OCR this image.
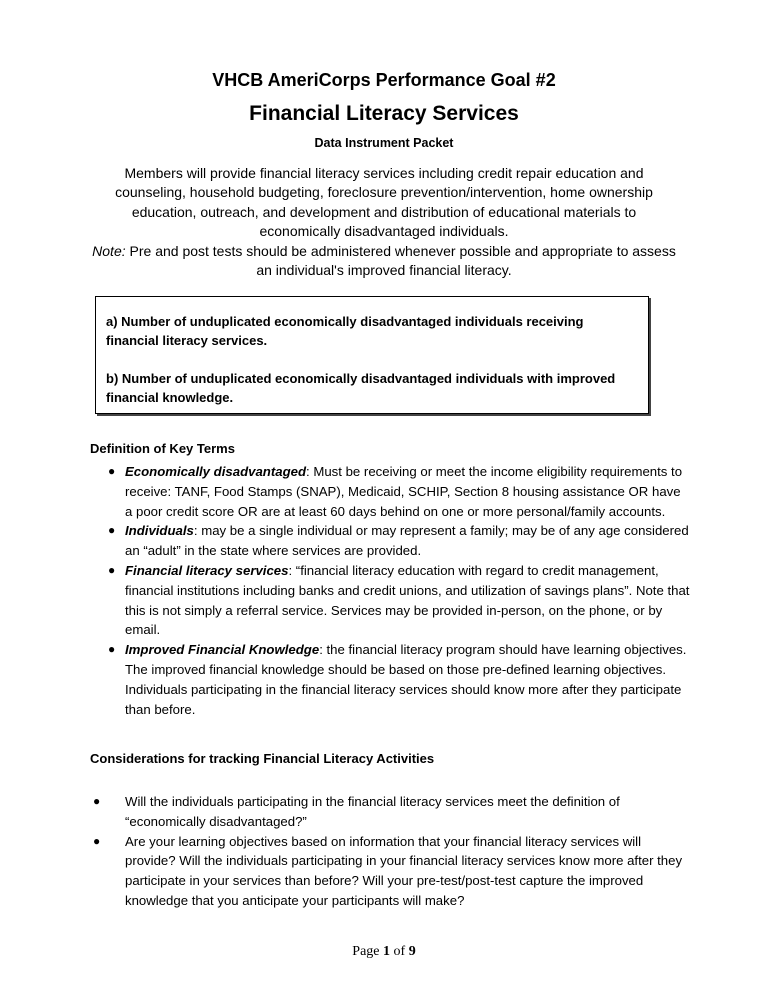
VHCB AmeriCorps Performance Goal #2
Financial Literacy Services
Data Instrument Packet
Members will provide financial literacy services including credit repair education and counseling, household budgeting, foreclosure prevention/intervention, home ownership education, outreach, and development and distribution of educational materials to economically disadvantaged individuals.
Note: Pre and post tests should be administered whenever possible and appropriate to assess an individual's improved financial literacy.

a) Number of unduplicated economically disadvantaged individuals receiving financial literacy services.

b) Number of unduplicated economically disadvantaged individuals with improved financial knowledge.

Definition of Key Terms
● Economically disadvantaged: Must be receiving or meet the income eligibility requirements to receive: TANF, Food Stamps (SNAP), Medicaid, SCHIP, Section 8 housing assistance OR have a poor credit score OR are at least 60 days behind on one or more personal/family accounts.
● Individuals: may be a single individual or may represent a family; may be of any age considered an “adult” in the state where services are provided.
● Financial literacy services: “financial literacy education with regard to credit management, financial institutions including banks and credit unions, and utilization of savings plans”. Note that this is not simply a referral service. Services may be provided in-person, on the phone, or by email.
● Improved Financial Knowledge: the financial literacy program should have learning objectives. The improved financial knowledge should be based on those pre-defined learning objectives. Individuals participating in the financial literacy services should know more after they participate than before.
Considerations for tracking Financial Literacy Activities
● Will the individuals participating in the financial literacy services meet the definition of “economically disadvantaged?”
● Are your learning objectives based on information that your financial literacy services will provide? Will the individuals participating in your financial literacy services know more after they participate in your services than before? Will your pre-test/post-test capture the improved knowledge that you anticipate your participants will make?
Page 1 of 9
